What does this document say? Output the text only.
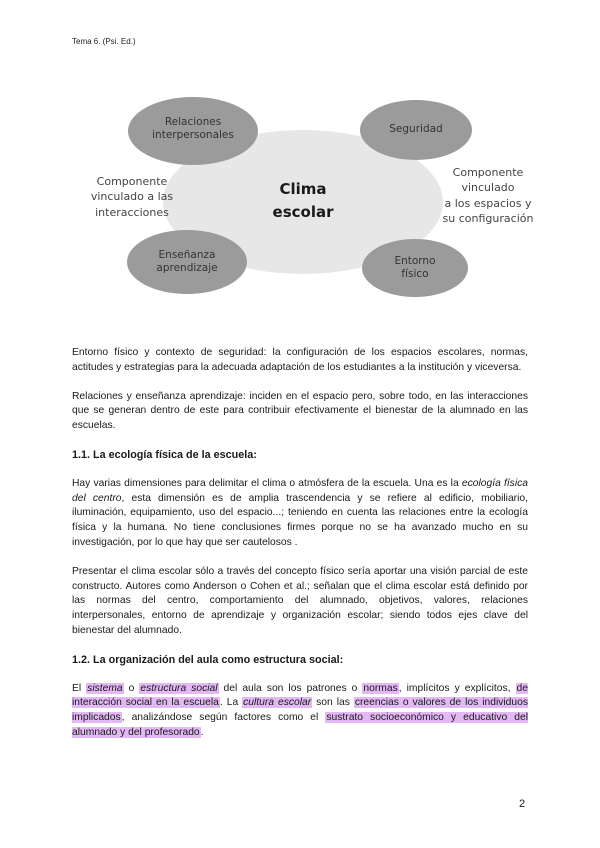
Tema 6. (Psi. Ed.)
Clima
escolar
Relaciones
interpersonales
Seguridad
Enseñanza
aprendizaje
Entorno
físico
Componente
vinculado a las
interacciones
Componente
vinculado
a los espacios y
su configuración

Entorno físico y contexto de seguridad: la configuración de los espacios escolares, normas, actitudes y estrategias para la adecuada adaptación de los estudiantes a la institución y viceversa.

Relaciones y enseñanza aprendizaje: inciden en el espacio pero, sobre todo, en las interacciones que se generan dentro de este para contribuir efectivamente el bienestar de la alumnado en las escuelas.

1.1. La ecología física de la escuela:

Hay varias dimensiones para delimitar el clima o atmósfera de la escuela. Una es la ecología física del centro, esta dimensión es de amplia trascendencia y se refiere al edificio, mobiliario, iluminación, equipamiento, uso del espacio...; teniendo en cuenta las relaciones entre la ecología física y la humana. No tiene conclusiones firmes porque no se ha avanzado mucho en su investigación, por lo que hay que ser cautelosos .

Presentar el clima escolar sólo a través del concepto físico sería aportar una visión parcial de este constructo. Autores como Anderson o Cohen et al.; señalan que el clima escolar está definido por las normas del centro, comportamiento del alumnado, objetivos, valores, relaciones interpersonales, entorno de aprendizaje y organización escolar; siendo todos ejes clave del bienestar del alumnado.

1.2. La organización del aula como estructura social:

El sistema o estructura social del aula son los patrones o normas, implícitos y explícitos, de interacción social en la escuela. La cultura escolar son las creencias o valores de los individuos implicados, analizándose según factores como el sustrato socioeconómico y educativo del alumnado y del profesorado.

2
